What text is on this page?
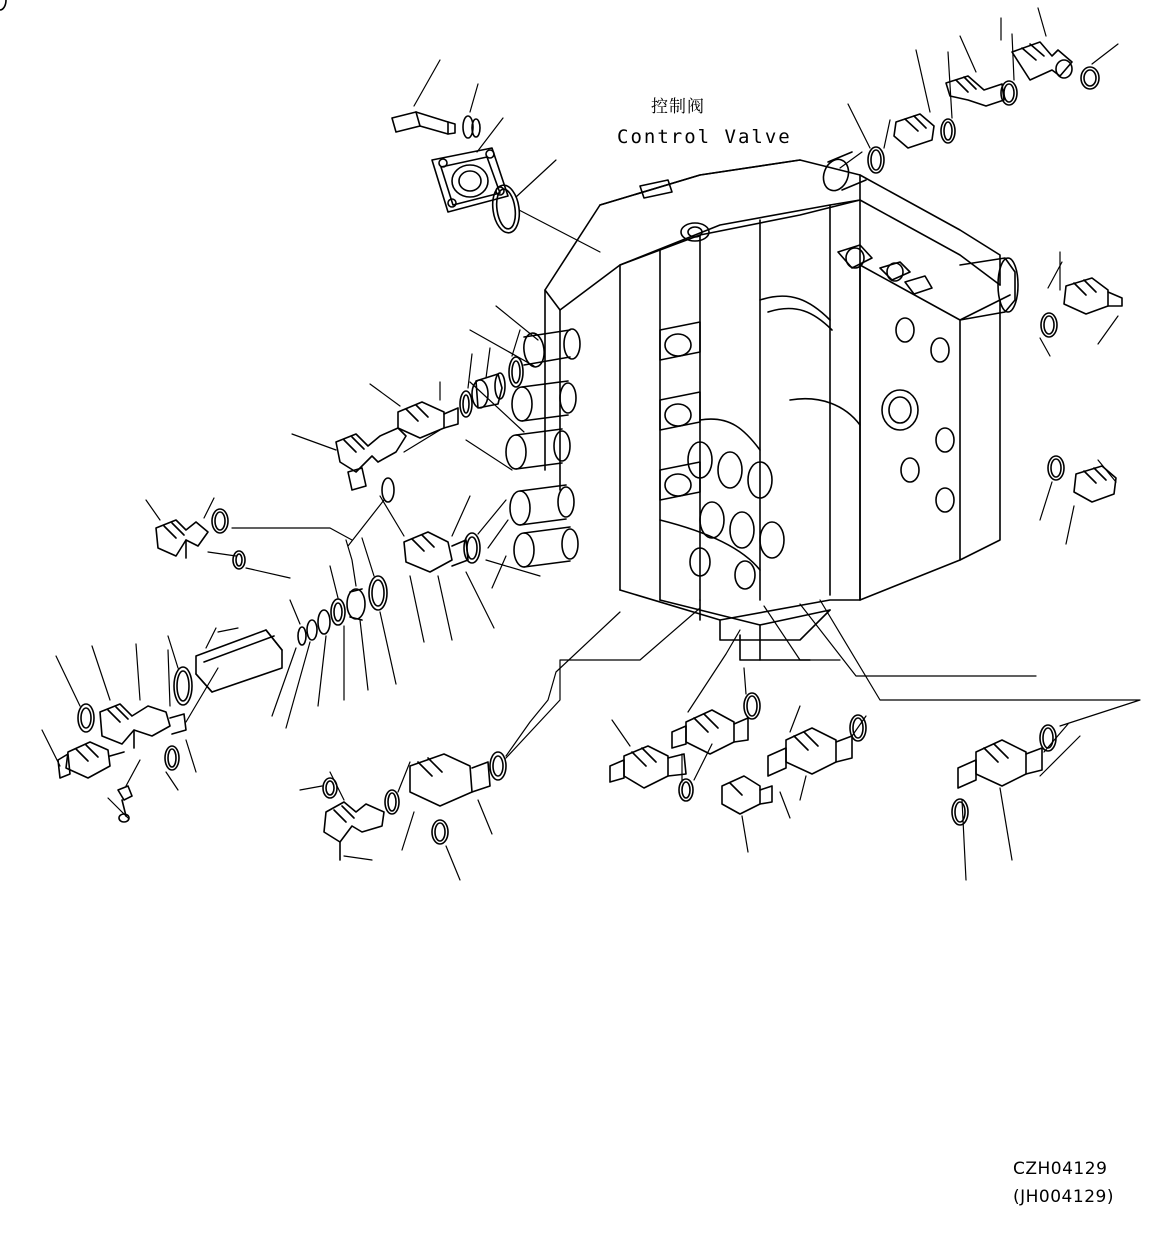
控制阀
Control Valve
CZH04129
(JH004129)
